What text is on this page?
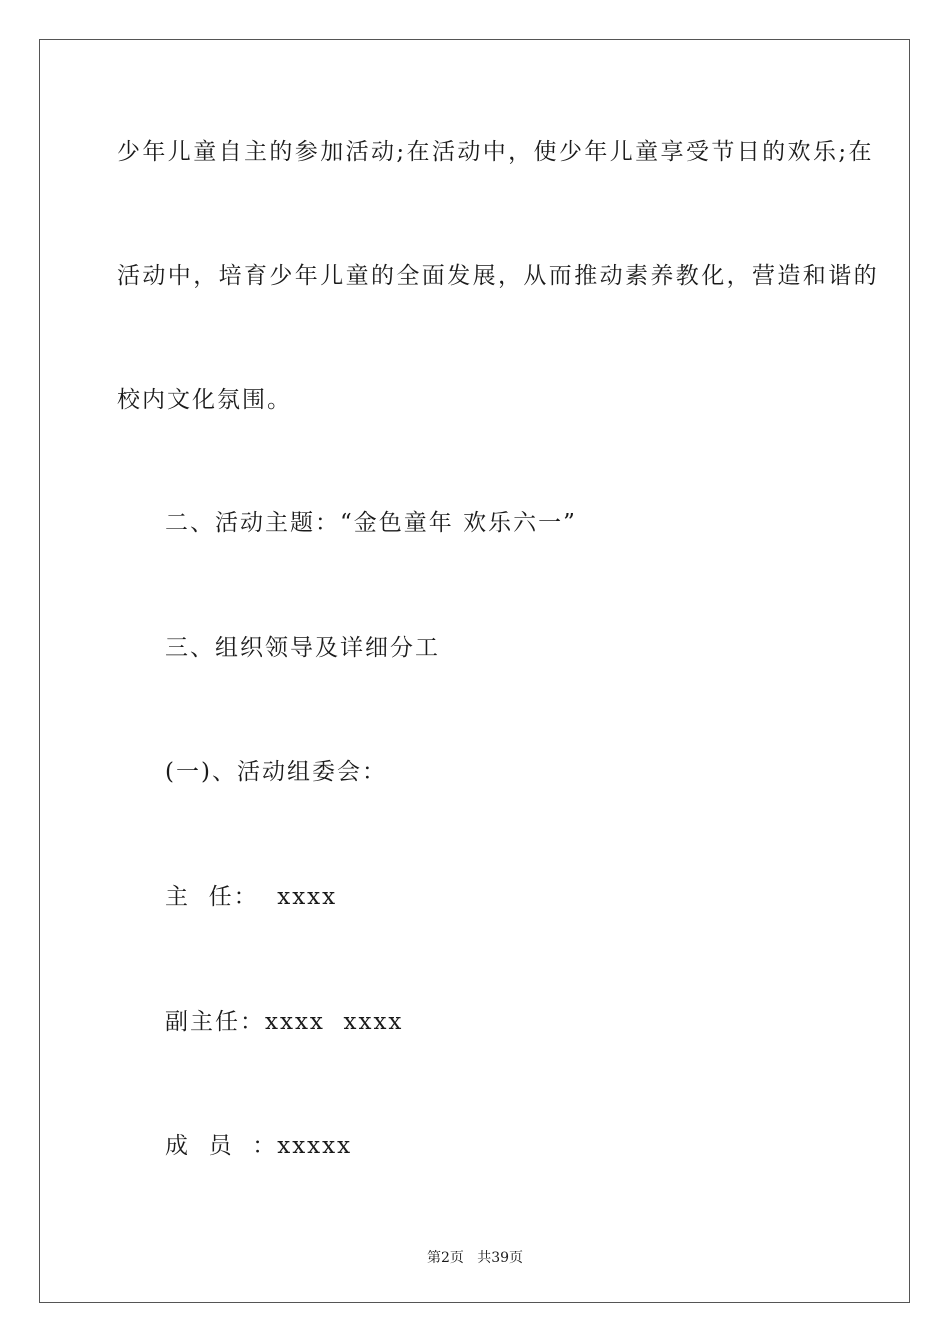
少年儿童自主的参加活动;在活动中，使少年儿童享受节日的欢乐;在
活动中，培育少年儿童的全面发展，从而推动素养教化，营造和谐的
校内文化氛围。
二、活动主题：“金色童年 欢乐六一”
三、组织领导及详细分工
(一)、活动组委会：
主  任：  xxxx
副主任：xxxx  xxxx
成  员  ：xxxxx
第2页   共39页
